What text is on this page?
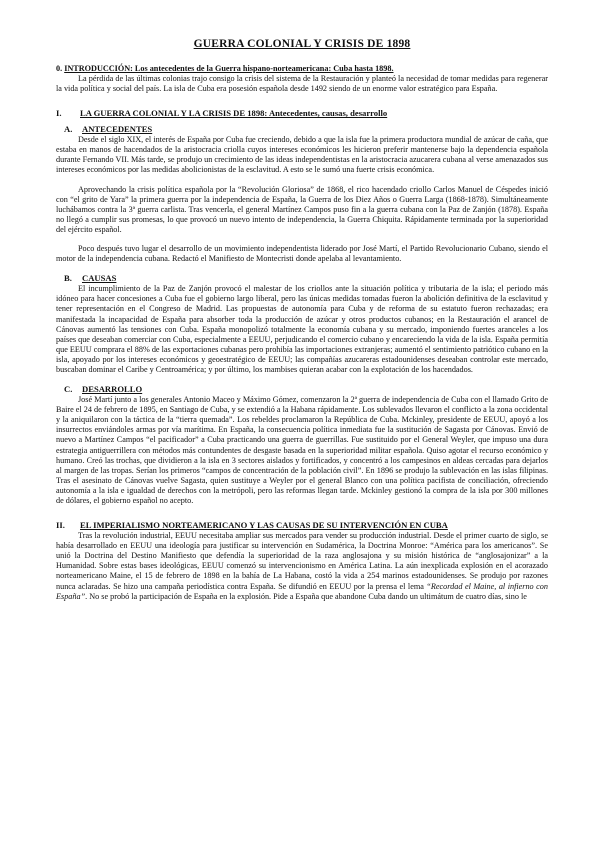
GUERRA COLONIAL Y CRISIS DE 1898
0. INTRODUCCIÓN: Los antecedentes de la Guerra hispano-norteamericana: Cuba hasta 1898.

La pérdida de las últimas colonias trajo consigo la crisis del sistema de la Restauración y planteó la necesidad de tomar medidas para regenerar la vida política y social del país. La isla de Cuba era posesión española desde 1492 siendo de un enorme valor estratégico para España.

I.	LA GUERRA COLONIAL Y LA CRISIS DE 1898: Antecedentes, causas, desarrollo
A.	ANTECEDENTES

Desde el siglo XIX, el interés de España por Cuba fue creciendo, debido a que la isla fue la primera productora mundial de azúcar de caña, que estaba en manos de hacendados de la aristocracia criolla cuyos intereses económicos les hicieron preferir mantenerse bajo la dependencia española durante Fernando VII. Más tarde, se produjo un crecimiento de las ideas independentistas en la aristocracia azucarera cubana al verse amenazados sus intereses económicos por las medidas abolicionistas de la esclavitud. A esto se le sumó una fuerte crisis económica.

Aprovechando la crisis política española por la “Revolución Gloriosa” de 1868, el rico hacendado criollo Carlos Manuel de Céspedes inició con “el grito de Yara” la primera guerra por la independencia de España, la Guerra de los Diez Años o Guerra Larga (1868-1878). Simultáneamente luchábamos contra la 3ª guerra carlista. Tras vencerla, el general Martínez Campos puso fin a la guerra cubana con la Paz de Zanjón (1878). España no llegó a cumplir sus promesas, lo que provocó un nuevo intento de independencia, la Guerra Chiquita. Rápidamente terminada por la superioridad del ejército español.

Poco después tuvo lugar el desarrollo de un movimiento independentista liderado por José Martí, el Partido Revolucionario Cubano, siendo el motor de la independencia cubana. Redactó el Manifiesto de Montecristi donde apelaba al levantamiento.

B.	CAUSAS

El incumplimiento de la Paz de Zanjón provocó el malestar de los criollos ante la situación política y tributaria de la isla; el periodo más idóneo para hacer concesiones a Cuba fue el gobierno largo liberal, pero las únicas medidas tomadas fueron la abolición definitiva de la esclavitud y tener representación en el Congreso de Madrid. Las propuestas de autonomía para Cuba y de reforma de su estatuto fueron rechazadas; era manifestada la incapacidad de España para absorber toda la producción de azúcar y otros productos cubanos; en la Restauración el arancel de Cánovas aumentó las tensiones con Cuba. España monopolizó totalmente la economía cubana y su mercado, imponiendo fuertes aranceles a los países que deseaban comerciar con Cuba, especialmente a EEUU, perjudicando el comercio cubano y encareciendo la vida de la isla. España permitía que EEUU comprara el 88% de las exportaciones cubanas pero prohibía las importaciones extranjeras; aumentó el sentimiento patriótico cubano en la isla, apoyado por los intereses económicos y geoestratégico de EEUU; las compañías azucareras estadounidenses deseaban controlar este mercado, buscaban dominar el Caribe y Centroamérica; y por último, los mambises quieran acabar con la explotación de los hacendados.

C.	DESARROLLO

José Martí junto a los generales Antonio Maceo y Máximo Gómez, comenzaron la 2ª guerra de independencia de Cuba con el llamado Grito de Baire el 24 de febrero de 1895, en Santiago de Cuba, y se extendió a la Habana rápidamente. Los sublevados llevaron el conflicto a la zona occidental y la aniquilaron con la táctica de la “tierra quemada”. Los rebeldes proclamaron la República de Cuba. Mckinley, presidente de EEUU, apoyó a los insurrectos enviándoles armas por vía marítima. En España, la consecuencia política inmediata fue la sustitución de Sagasta por Cánovas. Envió de nuevo a Martínez Campos “el pacificador” a Cuba practicando una guerra de guerrillas. Fue sustituido por el General Weyler, que impuso una dura estrategia antiguerrillera con métodos más contundentes de desgaste basada en la superioridad militar española. Quiso agotar el recurso económico y humano. Creó las trochas, que dividieron a la isla en 3 sectores aislados y fortificados, y concentró a los campesinos en aldeas cercadas para dejarlos al margen de las tropas. Serían los primeros “campos de concentración de la población civil”. En 1896 se produjo la sublevación en las islas filipinas. Tras el asesinato de Cánovas vuelve Sagasta, quien sustituye a Weyler por el general Blanco con una política pacifista de conciliación, ofreciendo autonomía a la isla e igualdad de derechos con la metrópoli, pero las reformas llegan tarde. Mckinley gestionó la compra de la isla por 300 millones de dólares, el gobierno español no acepto.

II.	EL IMPERIALISMO NORTEAMERICANO Y LAS CAUSAS DE SU INTERVENCIÓN EN CUBA

Tras la revolución industrial, EEUU necesitaba ampliar sus mercados para vender su producción industrial. Desde el primer cuarto de siglo, se había desarrollado en EEUU una ideología para justificar su intervención en Sudamérica, la Doctrina Monroe: “América para los americanos”. Se unió la Doctrina del Destino Manifiesto que defendía la superioridad de la raza anglosajona y su misión histórica de “anglosajonizar” a la Humanidad. Sobre estas bases ideológicas, EEUU comenzó su intervencionismo en América Latina. La aún inexplicada explosión en el acorazado norteamericano Maine, el 15 de febrero de 1898 en la bahía de La Habana, costó la vida a 254 marinos estadounidenses. Se produjo por razones nunca aclaradas. Se hizo una campaña periodística contra España. Se difundió en EEUU por la prensa el lema “Recordad el Maine, al infierno con España”. No se probó la participación de España en la explosión. Pide a España que abandone Cuba dando un ultimátum de cuatro días, sino le
